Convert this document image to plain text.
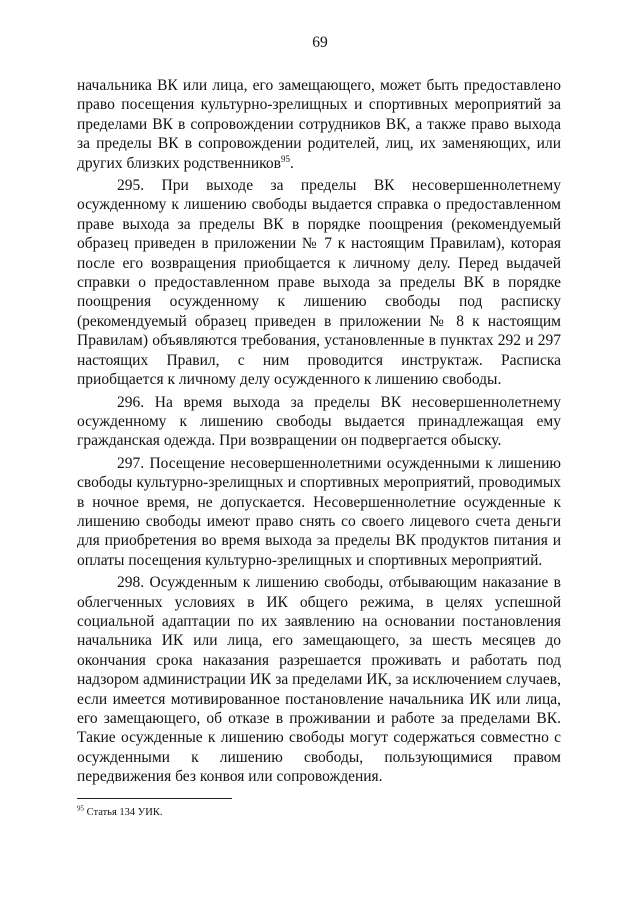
69

начальника ВК или лица, его замещающего, может быть предоставлено право посещения культурно-зрелищных и спортивных мероприятий за пределами ВК в сопровождении сотрудников ВК, а также право выхода за пределы ВК в сопровождении родителей, лиц, их заменяющих, или других близких родственников$^{95}$.

295. При выходе за пределы ВК несовершеннолетнему осужденному к лишению свободы выдается справка о предоставленном праве выхода за пределы ВК в порядке поощрения (рекомендуемый образец приведен в приложении № 7 к настоящим Правилам), которая после его возвращения приобщается к личному делу. Перед выдачей справки о предоставленном праве выхода за пределы ВК в порядке поощрения осужденному к лишению свободы под расписку (рекомендуемый образец приведен в приложении № 8 к настоящим Правилам) объявляются требования, установленные в пунктах 292 и 297 настоящих Правил, с ним проводится инструктаж. Расписка приобщается к личному делу осужденного к лишению свободы.

296. На время выхода за пределы ВК несовершеннолетнему осужденному к лишению свободы выдается принадлежащая ему гражданская одежда. При возвращении он подвергается обыску.

297. Посещение несовершеннолетними осужденными к лишению свободы культурно-зрелищных и спортивных мероприятий, проводимых в ночное время, не допускается. Несовершеннолетние осужденные к лишению свободы имеют право снять со своего лицевого счета деньги для приобретения во время выхода за пределы ВК продуктов питания и оплаты посещения культурно-зрелищных и спортивных мероприятий.

298. Осужденным к лишению свободы, отбывающим наказание в облегченных условиях в ИК общего режима, в целях успешной социальной адаптации по их заявлению на основании постановления начальника ИК или лица, его замещающего, за шесть месяцев до окончания срока наказания разрешается проживать и работать под надзором администрации ИК за пределами ИК, за исключением случаев, если имеется мотивированное постановление начальника ИК или лица, его замещающего, об отказе в проживании и работе за пределами ВК. Такие осужденные к лишению свободы могут содержаться совместно с осужденными к лишению свободы, пользующимися правом передвижения без конвоя или сопровождения.

$^{95}$ Статья 134 УИК.
